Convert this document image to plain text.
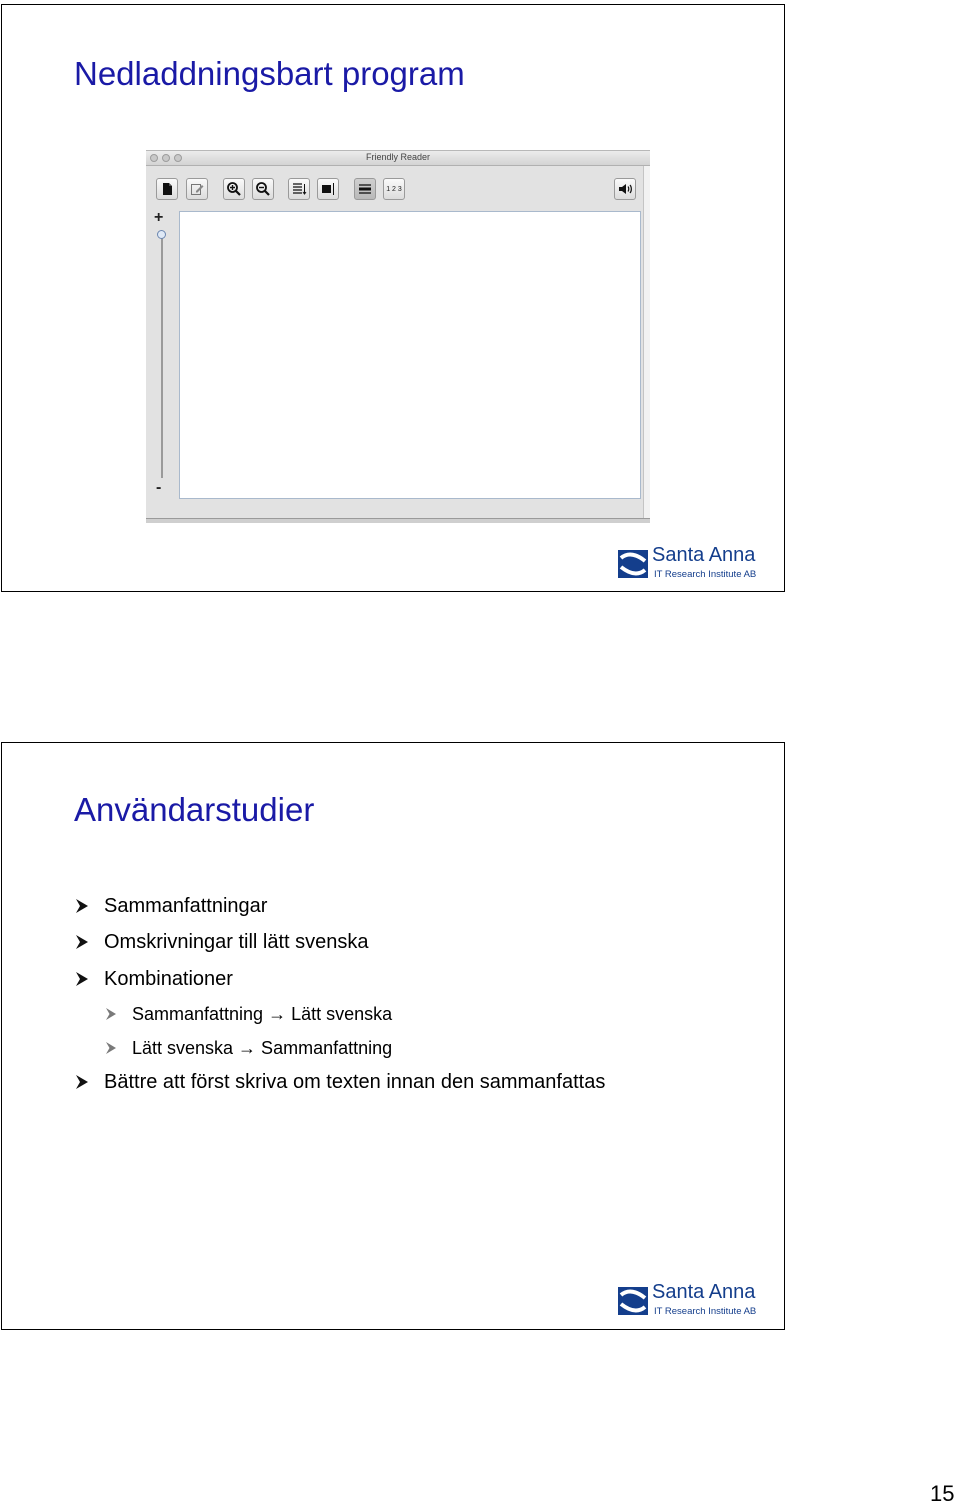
Nedladdningsbart program
Friendly Reader
1 2 3
+
-
Santa Anna
IT Research Institute AB
Användarstudier
Sammanfattningar
Omskrivningar till lätt svenska
Kombinationer
Sammanfattning → Lätt svenska
Lätt svenska → Sammanfattning
Bättre att först skriva om texten innan den sammanfattas
Santa Anna
IT Research Institute AB
15
